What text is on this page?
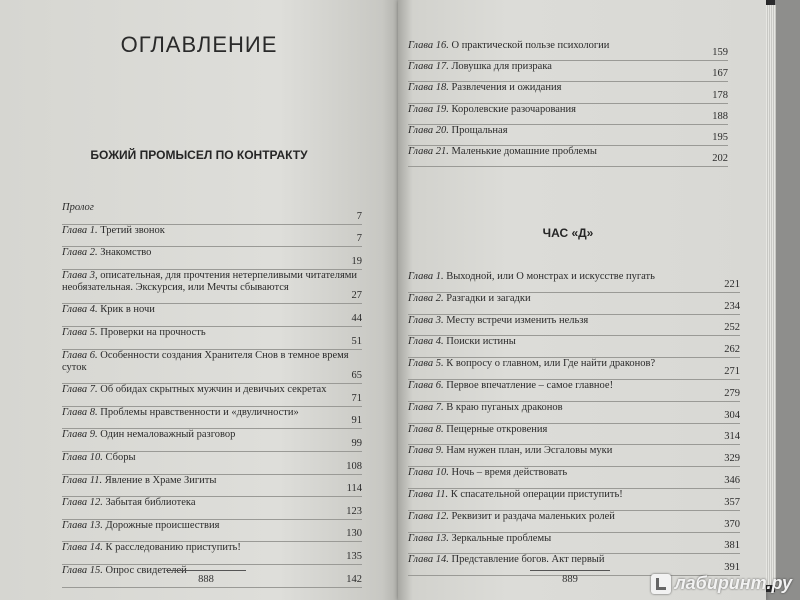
ОГЛАВЛЕНИЕ
БОЖИЙ ПРОМЫСЕЛ ПО КОНТРАКТУ
Пролог
7
Глава 1. Третий звонок
7
Глава 2. Знакомство
19
Глава 3, описательная, для прочтения нетерпеливыми читателями
необязательная. Экскурсия, или Мечты сбываются
27
Глава 4. Крик в ночи
44
Глава 5. Проверки на прочность
51
Глава 6. Особенности создания Хранителя Снов в темное время
суток
65
Глава 7. Об обидах скрытных мужчин и девичьих секретах
71
Глава 8. Проблемы нравственности и «двуличности»
91
Глава 9. Один немаловажный разговор
99
Глава 10. Сборы
108
Глава 11. Явление в Храме Зигиты
114
Глава 12. Забытая библиотека
123
Глава 13. Дорожные происшествия
130
Глава 14. К расследованию приступить!
135
Глава 15. Опрос свидетелей
142
Глава 16. О практической пользе психологии
159
Глава 17. Ловушка для призрака
167
Глава 18. Развлечения и ожидания
178
Глава 19. Королевские разочарования
188
Глава 20. Прощальная
195
Глава 21. Маленькие домашние проблемы
202
ЧАС «Д»
Глава 1. Выходной, или О монстрах и искусстве пугать
221
Глава 2. Разгадки и загадки
234
Глава 3. Месту встречи изменить нельзя
252
Глава 4. Поиски истины
262
Глава 5. К вопросу о главном, или Где найти драконов?
271
Глава 6. Первое впечатление – самое главное!
279
Глава 7. В краю пуганых драконов
304
Глава 8. Пещерные откровения
314
Глава 9. Нам нужен план, или Эсгаловы муки
329
Глава 10. Ночь – время действовать
346
Глава 11. К спасательной операции приступить!
357
Глава 12. Реквизит и раздача маленьких ролей
370
Глава 13. Зеркальные проблемы
381
Глава 14. Представление богов. Акт первый
391
888	889	лабиринт.ру
